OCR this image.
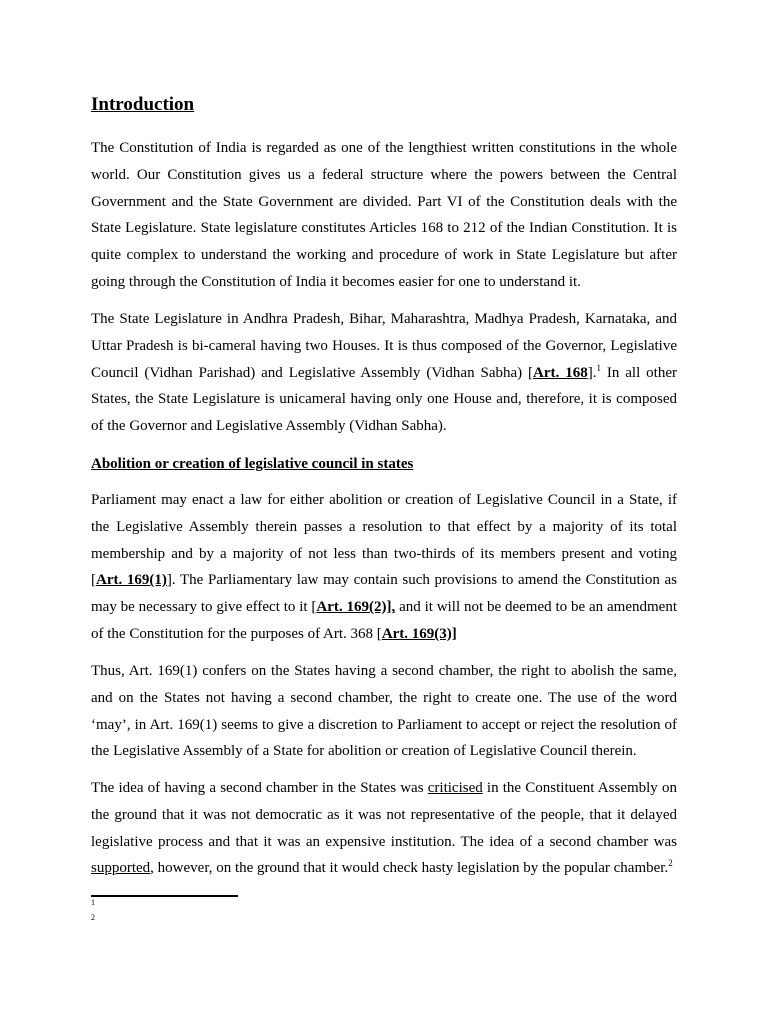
Introduction

The Constitution of India is regarded as one of the lengthiest written constitutions in the whole world. Our Constitution gives us a federal structure where the powers between the Central Government and the State Government are divided. Part VI of the Constitution deals with the State Legislature. State legislature constitutes Articles 168 to 212 of the Indian Constitution. It is quite complex to understand the working and procedure of work in State Legislature but after going through the Constitution of India it becomes easier for one to understand it.

The State Legislature in Andhra Pradesh, Bihar, Maharashtra, Madhya Pradesh, Karnataka, and Uttar Pradesh is bi-cameral having two Houses. It is thus composed of the Governor, Legislative Council (Vidhan Parishad) and Legislative Assembly (Vidhan Sabha) [Art. 168].$^1$ In all other States, the State Legislature is unicameral having only one House and, therefore, it is composed of the Governor and Legislative Assembly (Vidhan Sabha).

Abolition or creation of legislative council in states

Parliament may enact a law for either abolition or creation of Legislative Council in a State, if the Legislative Assembly therein passes a resolution to that effect by a majority of its total membership and by a majority of not less than two-thirds of its members present and voting [Art. 169(1)]. The Parliamentary law may contain such provisions to amend the Constitution as may be necessary to give effect to it [Art. 169(2)], and it will not be deemed to be an amendment of the Constitution for the purposes of Art. 368 [Art. 169(3)]

Thus, Art. 169(1) confers on the States having a second chamber, the right to abolish the same, and on the States not having a second chamber, the right to create one. The use of the word ‘may’, in Art. 169(1) seems to give a discretion to Parliament to accept or reject the resolution of the Legislative Assembly of a State for abolition or creation of Legislative Council therein.

The idea of having a second chamber in the States was criticised in the Constituent Assembly on the ground that it was not democratic as it was not representative of the people, that it delayed legislative process and that it was an expensive institution. The idea of a second chamber was supported, however, on the ground that it would check hasty legislation by the popular chamber.$^2$

1
2
